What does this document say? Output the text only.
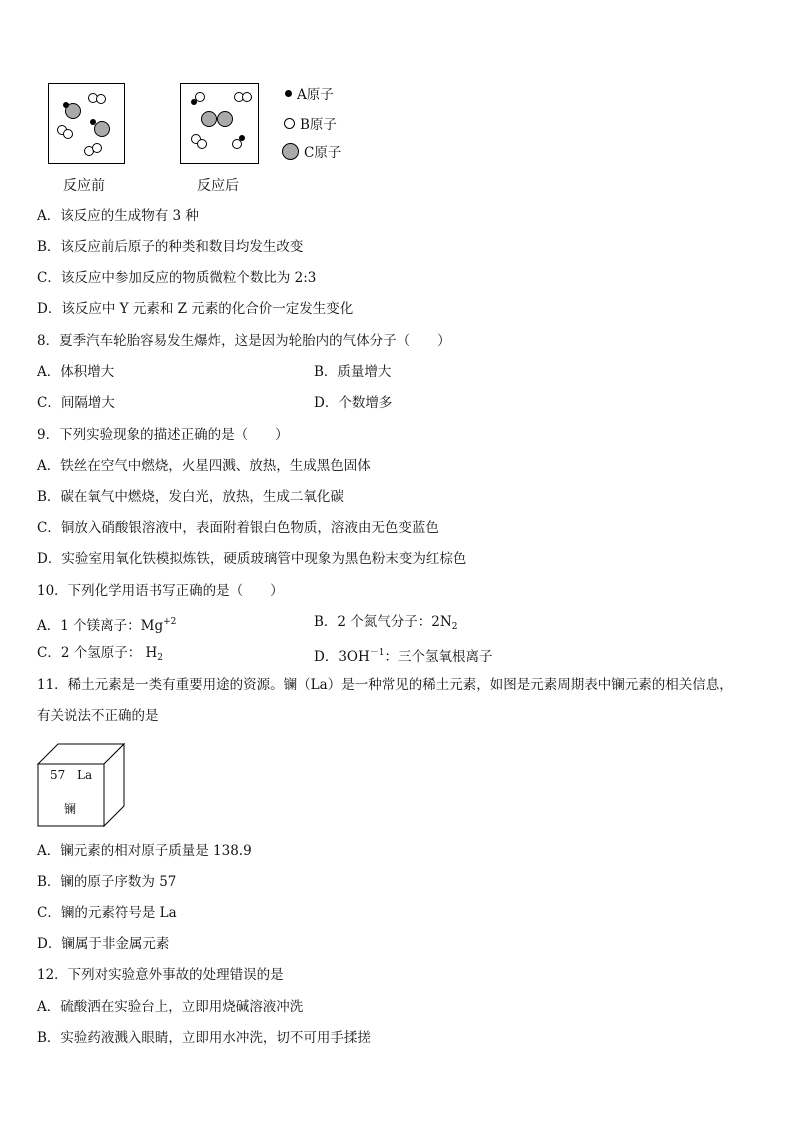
反应前	反应后
A原子
B原子
C原子
A．该反应的生成物有 3 种
B．该反应前后原子的种类和数目均发生改变
C．该反应中参加反应的物质微粒个数比为 2:3
D．该反应中 Y 元素和 Z 元素的化合价一定发生变化
8．夏季汽车轮胎容易发生爆炸，这是因为轮胎内的气体分子（　　）
A．体积增大	B．质量增大
C．间隔增大	D．个数增多
9．下列实验现象的描述正确的是（　　）
A．铁丝在空气中燃烧，火星四溅、放热，生成黑色固体
B．碳在氧气中燃烧，发白光，放热，生成二氧化碳
C．铜放入硝酸银溶液中，表面附着银白色物质，溶液由无色变蓝色
D．实验室用氧化铁模拟炼铁，硬质玻璃管中现象为黑色粉末变为红棕色
10．下列化学用语书写正确的是（　　）
A．1 个镁离子：$Mg^{+2}$	B．2 个氮气分子：$2N_2$
C．2 个氢原子： $H_2$	D．$3OH^{-1}$：三个氢氧根离子
11．稀土元素是一类有重要用途的资源。镧（La）是一种常见的稀土元素，如图是元素周期表中镧元素的相关信息，
有关说法不正确的是
57 La
镧
A．镧元素的相对原子质量是 138.9
B．镧的原子序数为 57
C．镧的元素符号是 La
D．镧属于非金属元素
12．下列对实验意外事故的处理错误的是
A．硫酸洒在实验台上，立即用烧碱溶液冲洗
B．实验药液溅入眼睛，立即用水冲洗，切不可用手揉搓
